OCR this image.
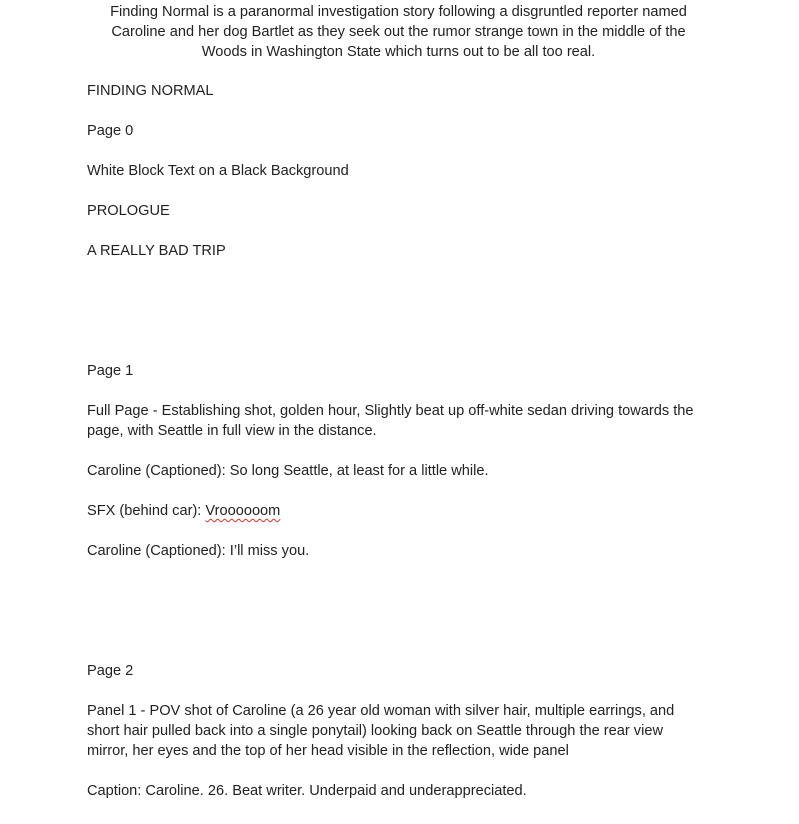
Finding Normal is a paranormal investigation story following a disgruntled reporter named Caroline and her dog Bartlet as they seek out the rumor strange town in the middle of the Woods in Washington State which turns out to be all too real.

FINDING NORMAL

Page 0

White Block Text on a Black Background

PROLOGUE

A REALLY BAD TRIP

Page 1

Full Page - Establishing shot, golden hour, Slightly beat up off-white sedan driving towards the page, with Seattle in full view in the distance.

Caroline (Captioned): So long Seattle, at least for a little while.

SFX (behind car): Vroooooom

Caroline (Captioned): I’ll miss you.

Page 2

Panel 1 - POV shot of Caroline (a 26 year old woman with silver hair, multiple earrings, and short hair pulled back into a single ponytail) looking back on Seattle through the rear view mirror, her eyes and the top of her head visible in the reflection, wide panel

Caption: Caroline. 26. Beat writer. Underpaid and underappreciated.
